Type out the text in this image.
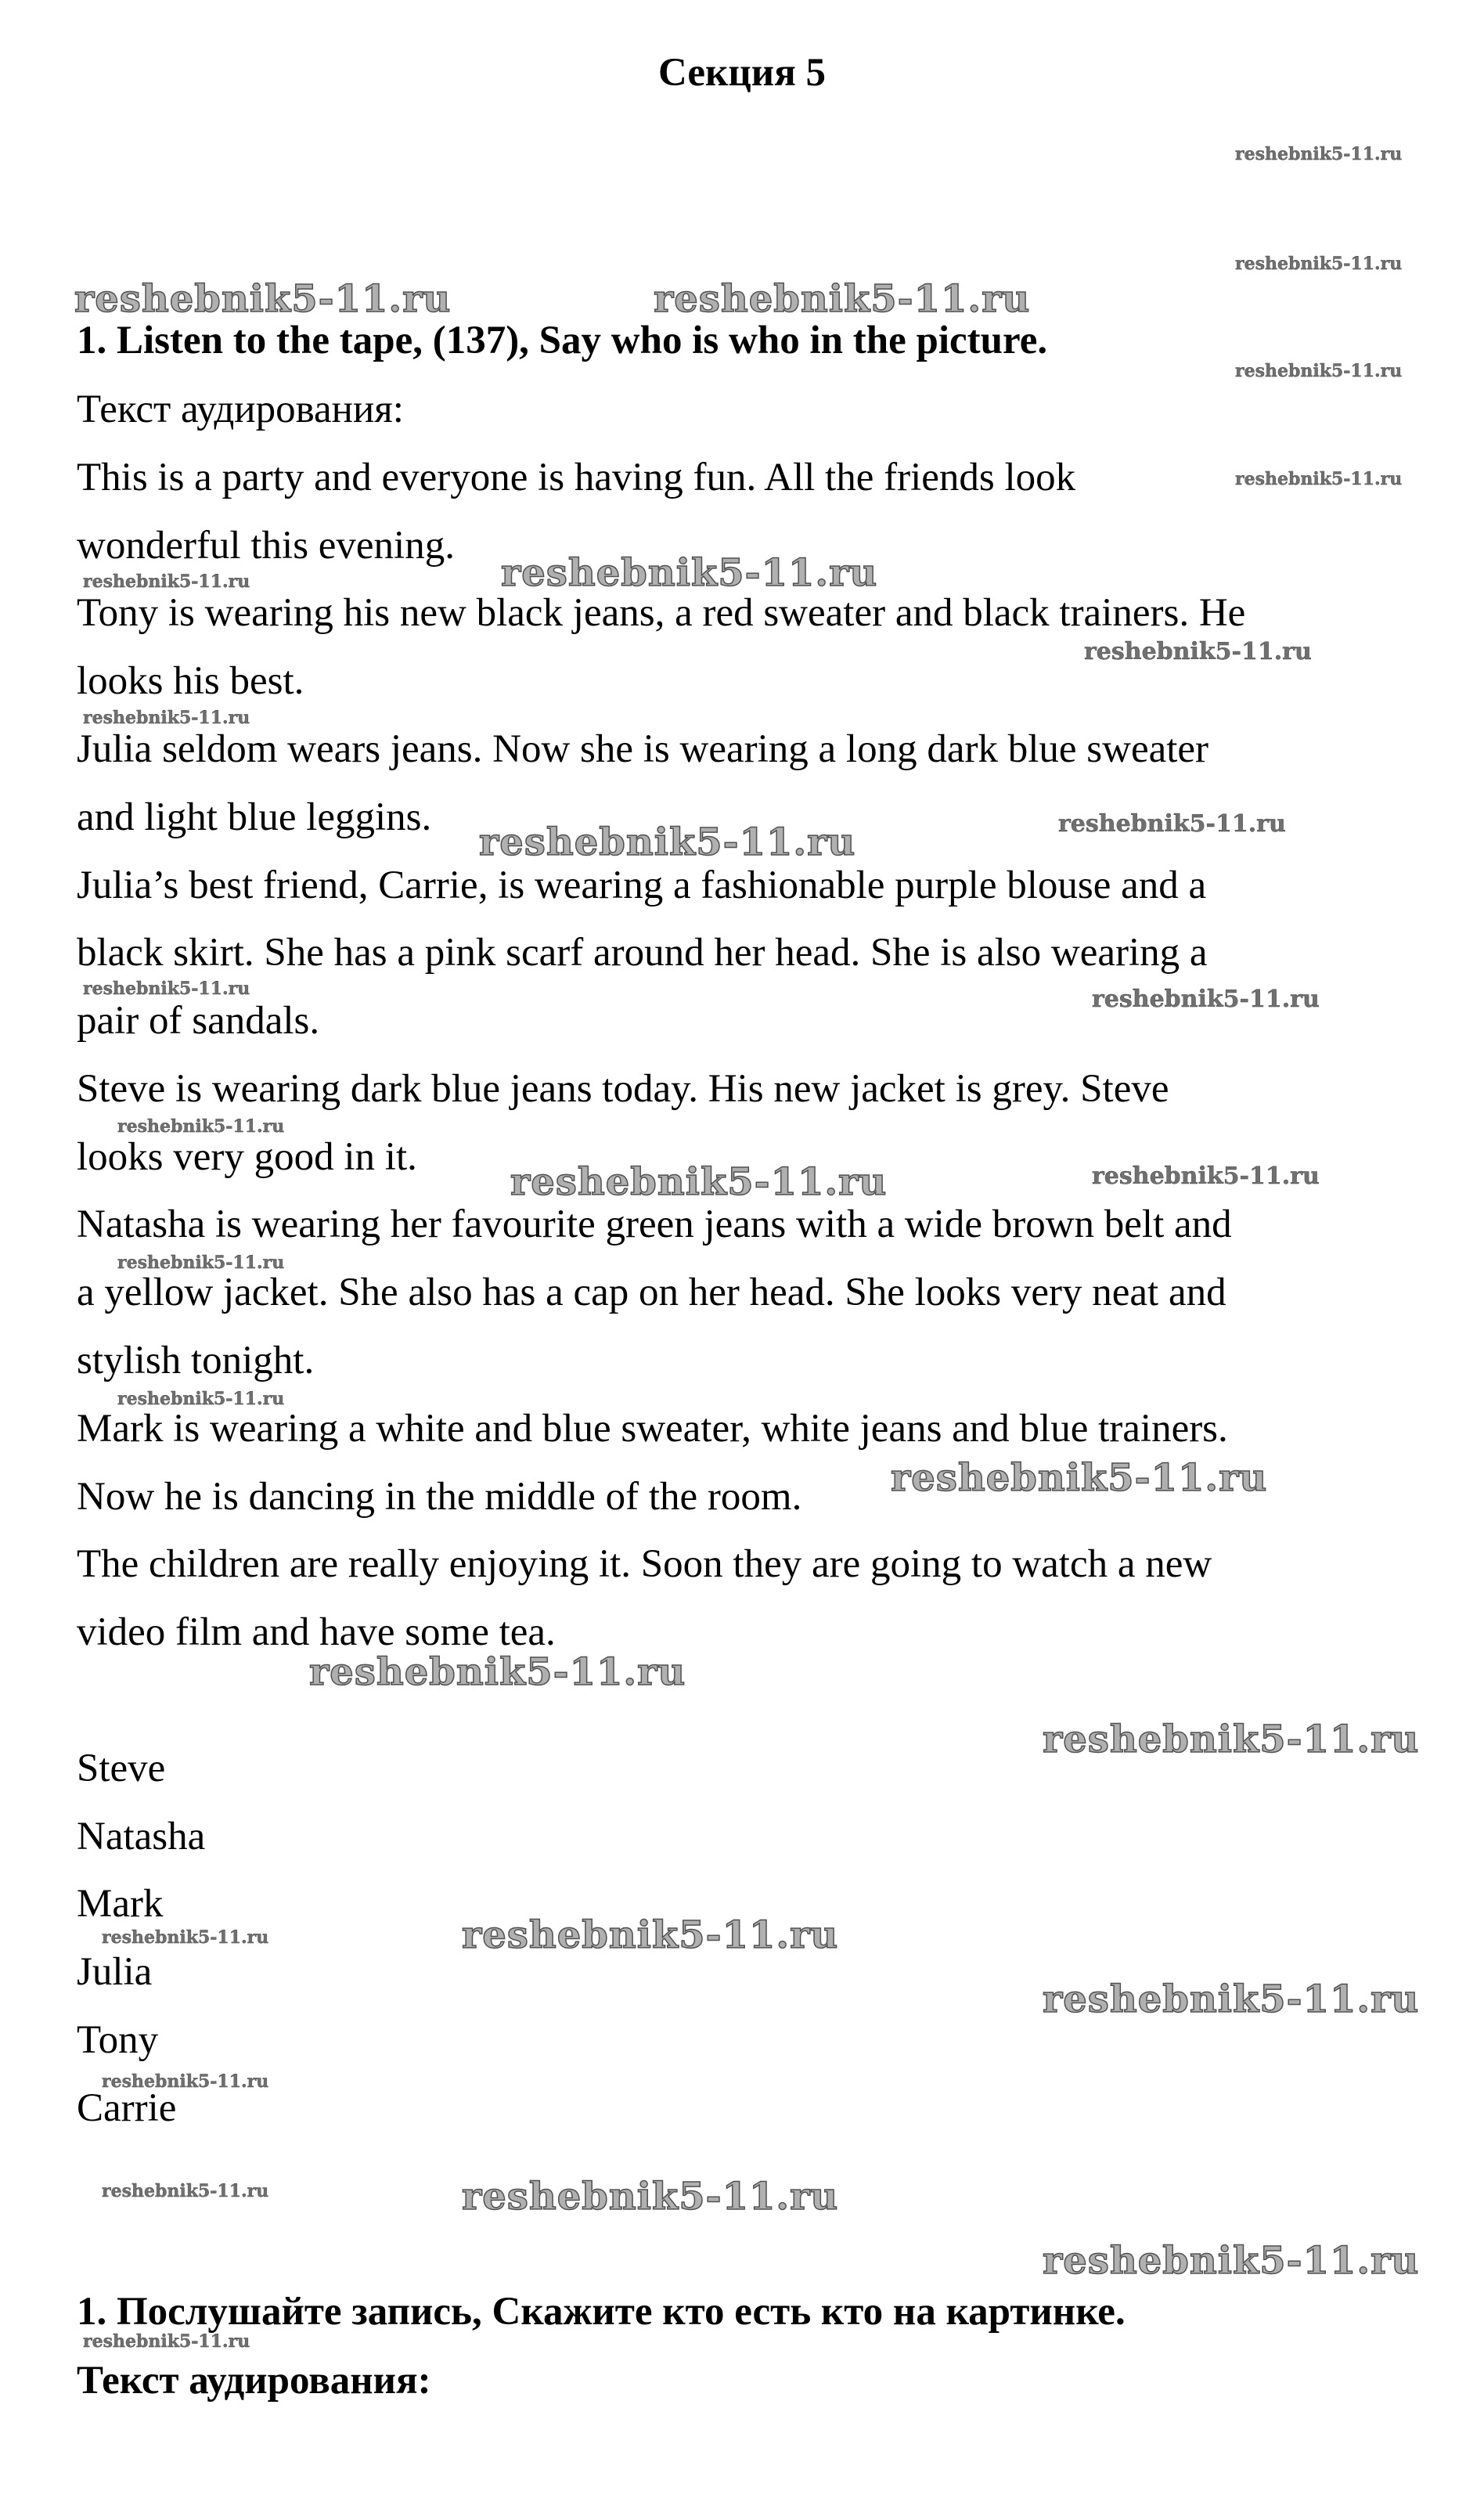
Секция 5
1. Listen to the tape, (137), Say who is who in the picture.
Текст аудирования:
This is a party and everyone is having fun. All the friends look
wonderful this evening.
Tony is wearing his new black jeans, a red sweater and black trainers. He
looks his best.
Julia seldom wears jeans. Now she is wearing a long dark blue sweater
and light blue leggins.
Julia’s best friend, Carrie, is wearing a fashionable purple blouse and a
black skirt. She has a pink scarf around her head. She is also wearing a
pair of sandals.
Steve is wearing dark blue jeans today. His new jacket is grey. Steve
looks very good in it.
Natasha is wearing her favourite green jeans with a wide brown belt and
a yellow jacket. She also has a cap on her head. She looks very neat and
stylish tonight.
Mark is wearing a white and blue sweater, white jeans and blue trainers.
Now he is dancing in the middle of the room.
The children are really enjoying it. Soon they are going to watch a new
video film and have some tea.
Steve
Natasha
Mark
Julia
Tony
Carrie
1. Послушайте запись, Скажите кто есть кто на картинке.
Текст аудирования:
reshebnik5-11.ru
reshebnik5-11.ru
reshebnik5-11.ru	reshebnik5-11.ru
reshebnik5-11.ru
reshebnik5-11.ru
reshebnik5-11.ru
reshebnik5-11.ru
reshebnik5-11.ru
reshebnik5-11.ru
reshebnik5-11.ru
reshebnik5-11.ru
reshebnik5-11.ru	reshebnik5-11.ru
reshebnik5-11.ru
reshebnik5-11.ru	reshebnik5-11.ru
reshebnik5-11.ru
reshebnik5-11.ru
reshebnik5-11.ru
reshebnik5-11.ru
reshebnik5-11.ru
reshebnik5-11.ru
reshebnik5-11.ru
reshebnik5-11.ru
reshebnik5-11.ru
reshebnik5-11.ru	reshebnik5-11.ru
reshebnik5-11.ru
reshebnik5-11.ru
